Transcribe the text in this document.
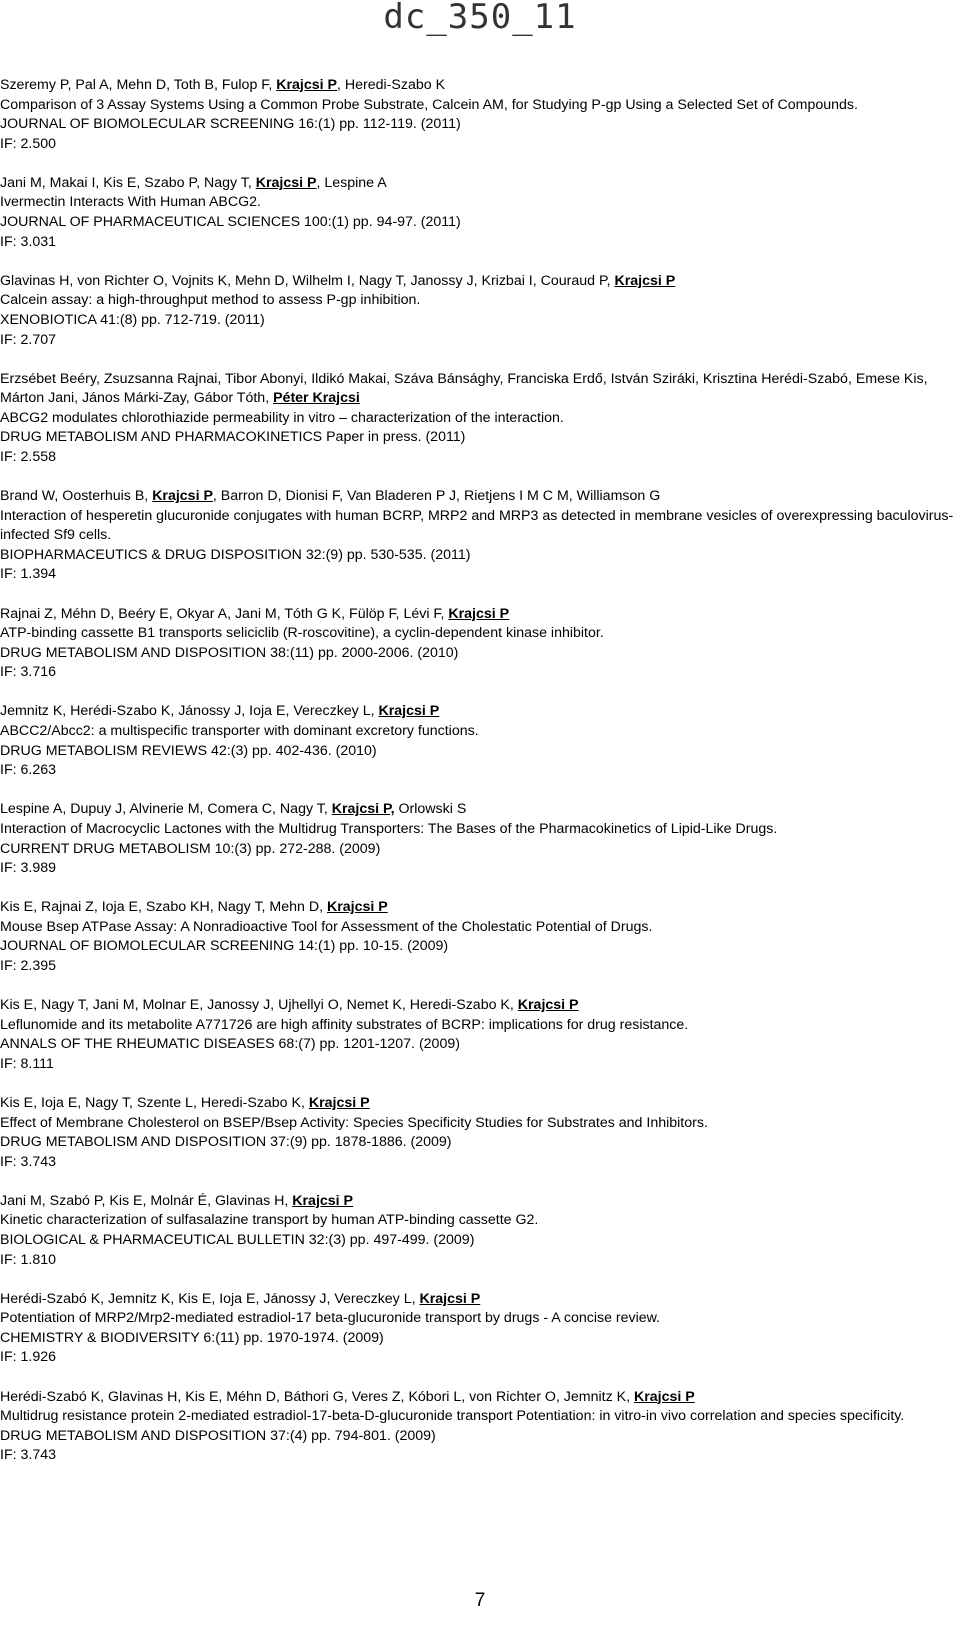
dc_350_11
Szeremy P, Pal A, Mehn D, Toth B, Fulop F, Krajcsi P, Heredi-Szabo K
Comparison of 3 Assay Systems Using a Common Probe Substrate, Calcein AM, for Studying P-gp Using a Selected Set of Compounds.
JOURNAL OF BIOMOLECULAR SCREENING 16:(1) pp. 112-119. (2011)
IF: 2.500
Jani M, Makai I, Kis E, Szabo P, Nagy T, Krajcsi P, Lespine A
Ivermectin Interacts With Human ABCG2.
JOURNAL OF PHARMACEUTICAL SCIENCES 100:(1) pp. 94-97. (2011)
IF: 3.031
Glavinas H, von Richter O, Vojnits K, Mehn D, Wilhelm I, Nagy T, Janossy J, Krizbai I, Couraud P, Krajcsi P
Calcein assay: a high-throughput method to assess P-gp inhibition.
XENOBIOTICA 41:(8) pp. 712-719. (2011)
IF: 2.707
Erzsébet Beéry, Zsuzsanna Rajnai, Tibor Abonyi, Ildikó Makai, Száva Bánsághy, Franciska Erdő, István Sziráki, Krisztina Herédi-Szabó, Emese Kis, Márton Jani, János Márki-Zay, Gábor Tóth, Péter Krajcsi
ABCG2 modulates chlorothiazide permeability in vitro – characterization of the interaction.
DRUG METABOLISM AND PHARMACOKINETICS Paper in press. (2011)
IF: 2.558
Brand W, Oosterhuis B, Krajcsi P, Barron D, Dionisi F, Van Bladeren P J, Rietjens I M C M, Williamson G
Interaction of hesperetin glucuronide conjugates with human BCRP, MRP2 and MRP3 as detected in membrane vesicles of overexpressing baculovirus-infected Sf9 cells.
BIOPHARMACEUTICS & DRUG DISPOSITION 32:(9) pp. 530-535. (2011)
IF: 1.394
Rajnai Z, Méhn D, Beéry E, Okyar A, Jani M, Tóth G K, Fülöp F, Lévi F, Krajcsi P
ATP-binding cassette B1 transports seliciclib (R-roscovitine), a cyclin-dependent kinase inhibitor.
DRUG METABOLISM AND DISPOSITION 38:(11) pp. 2000-2006. (2010)
IF: 3.716
Jemnitz K, Herédi-Szabo K, Jánossy J, Ioja E, Vereczkey L, Krajcsi P
ABCC2/Abcc2: a multispecific transporter with dominant excretory functions.
DRUG METABOLISM REVIEWS 42:(3) pp. 402-436. (2010)
IF: 6.263
Lespine A, Dupuy J, Alvinerie M, Comera C, Nagy T, Krajcsi P, Orlowski S
Interaction of Macrocyclic Lactones with the Multidrug Transporters: The Bases of the Pharmacokinetics of Lipid-Like Drugs.
CURRENT DRUG METABOLISM 10:(3) pp. 272-288. (2009)
IF: 3.989
Kis E, Rajnai Z, Ioja E, Szabo KH, Nagy T, Mehn D, Krajcsi P
Mouse Bsep ATPase Assay: A Nonradioactive Tool for Assessment of the Cholestatic Potential of Drugs.
JOURNAL OF BIOMOLECULAR SCREENING 14:(1) pp. 10-15. (2009)
IF: 2.395
Kis E, Nagy T, Jani M, Molnar E, Janossy J, Ujhellyi O, Nemet K, Heredi-Szabo K, Krajcsi P
Leflunomide and its metabolite A771726 are high affinity substrates of BCRP: implications for drug resistance.
ANNALS OF THE RHEUMATIC DISEASES 68:(7) pp. 1201-1207. (2009)
IF: 8.111
Kis E, Ioja E, Nagy T, Szente L, Heredi-Szabo K, Krajcsi P
Effect of Membrane Cholesterol on BSEP/Bsep Activity: Species Specificity Studies for Substrates and Inhibitors.
DRUG METABOLISM AND DISPOSITION 37:(9) pp. 1878-1886. (2009)
IF: 3.743
Jani M, Szabó P, Kis E, Molnár É, Glavinas H, Krajcsi P
Kinetic characterization of sulfasalazine transport by human ATP-binding cassette G2.
BIOLOGICAL & PHARMACEUTICAL BULLETIN 32:(3) pp. 497-499. (2009)
IF: 1.810
Herédi-Szabó K, Jemnitz K, Kis E, Ioja E, Jánossy J, Vereczkey L, Krajcsi P
Potentiation of MRP2/Mrp2-mediated estradiol-17 beta-glucuronide transport by drugs - A concise review.
CHEMISTRY & BIODIVERSITY 6:(11) pp. 1970-1974. (2009)
IF: 1.926
Herédi-Szabó K, Glavinas H, Kis E, Méhn D, Báthori G, Veres Z, Kóbori L, von Richter O, Jemnitz K, Krajcsi P
Multidrug resistance protein 2-mediated estradiol-17-beta-D-glucuronide transport Potentiation: in vitro-in vivo correlation and species specificity.
DRUG METABOLISM AND DISPOSITION 37:(4) pp. 794-801. (2009)
IF: 3.743
7
